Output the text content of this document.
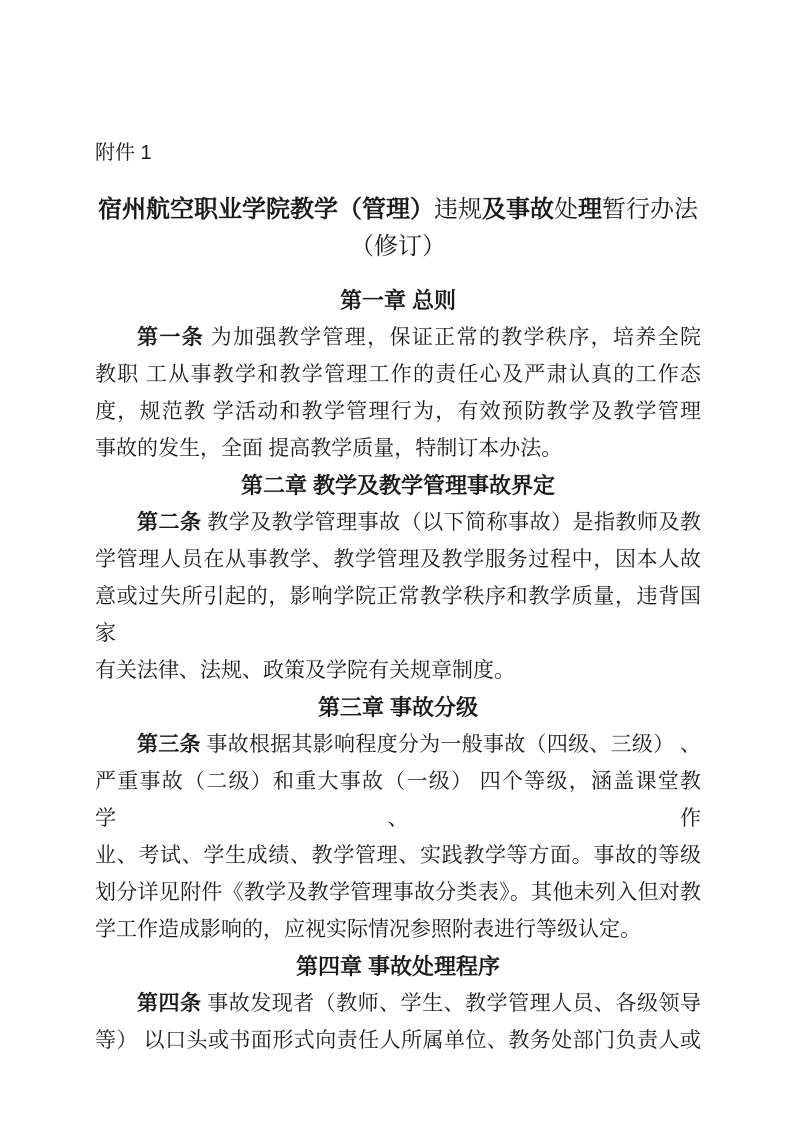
附件 1
宿州航空职业学院教学（管理）违规及事故处理暂行办法
（修订）
第一章 总则
第一条 为加强教学管理，保证正常的教学秩序，培养全院
教职 工从事教学和教学管理工作的责任心及严肃认真的工作态
度，规范教 学活动和教学管理行为，有效预防教学及教学管理
事故的发生，全面 提高教学质量，特制订本办法。
第二章 教学及教学管理事故界定
第二条 教学及教学管理事故（以下简称事故）是指教师及教
学管理人员在从事教学、教学管理及教学服务过程中，因本人故
意或过失所引起的，影响学院正常教学秩序和教学质量，违背国家
有关法律、法规、政策及学院有关规章制度。
第三章 事故分级
第三条 事故根据其影响程度分为一般事故（四级、三级） 、
严重事故（二级）和重大事故（一级） 四个等级，涵盖课堂教学、作
业、考试、学生成绩、教学管理、实践教学等方面。事故的等级
划分详见附件《教学及教学管理事故分类表》。其他未列入但对教
学工作造成影响的，应视实际情况参照附表进行等级认定。
第四章 事故处理程序
第四条 事故发现者（教师、学生、教学管理人员、各级领导
等） 以口头或书面形式向责任人所属单位、教务处部门负责人或
